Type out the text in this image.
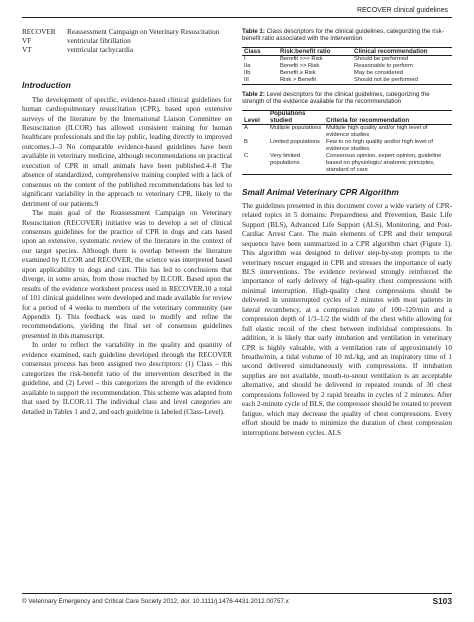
RECOVER clinical guidelines
RECOVER	Reassessment Campaign on Veterinary Resuscitation
VF	ventricular fibrillation
VT	ventricular tachycardia
Introduction

The development of specific, evidence-based clinical guidelines for human cardiopulmonary resuscitation (CPR), based upon extensive surveys of the literature by the International Liaison Committee on Resuscitation (ILCOR) has allowed consistent training for human healthcare professionals and the lay public, leading directly to improved outcomes.1–3 No comparable evidence-based guidelines have been available in veterinary medicine, although recommendations on practical execution of CPR in small animals have been published.4–8 The absence of standardized, comprehensive training coupled with a lack of consensus on the content of the published recommendations has led to significant variability in the approach to veterinary CPR, likely to the detriment of our patients.9

The main goal of the Reassessment Campaign on Veterinary Resuscitation (RECOVER) initiative was to develop a set of clinical consensus guidelines for the practice of CPR in dogs and cats based upon an extensive, systematic review of the literature in the context of our target species. Although there is overlap between the literature examined by ILCOR and RECOVER, the science was interpreted based upon applicability to dogs and cats. This has led to conclusions that diverge, in some areas, from those reached by ILCOR. Based upon the results of the evidence worksheet process used in RECOVER,10 a total of 101 clinical guidelines were developed and made available for review for a period of 4 weeks to members of the veterinary community (see Appendix I). This feedback was used to modify and refine the recommendations, yielding the final set of consensus guidelines presented in this manuscript.

In order to reflect the variability in the quality and quantity of evidence examined, each guideline developed through the RECOVER consensus process has been assigned two descriptors: (1) Class – this categorizes the risk-benefit ratio of the intervention described in the guideline, and (2) Level – this categorizes the strength of the evidence available to support the recommendation. This scheme was adapted from that used by ILCOR.11 The individual class and level categories are detailed in Tables 1 and 2, and each guideline is labeled (Class-Level).

Table 1: Class descriptors for the clinical guidelines, categorizing the risk-benefit ratio associated with the intervention

Class	Risk:benefit ratio	Clinical recommendation
I	Benefit >>> Risk	Should be performed
IIa	Benefit >> Risk	Reasonable to perform
IIb	Benefit ≥ Risk	May be considered
III	Risk > Benefit	Should not be performed

Table 2: Level descriptors for the clinical guidelines, categorizing the strength of the evidence available for the recommendation

Level	Populations studied	Criteria for recommendation
A	Multiple populations	Multiple high quality and/or high level of evidence studies
B	Limited populations	Few to no high quality and/or high level of evidence studies.
C	Very limited populations	Consensus opinion, expert opinion, guideline based on physiologic/ anatomic principles, standard of care
Small Animal Veterinary CPR Algorithm

The guidelines presented in this document cover a wide variety of CPR-related topics in 5 domains: Preparedness and Prevention, Basic Life Support (BLS), Advanced Life Support (ALS), Monitoring, and Post-Cardiac Arrest Care. The main elements of CPR and their temporal sequence have been summarized in a CPR algorithm chart (Figure 1). This algorithm was designed to deliver step-by-step prompts to the veterinary rescuer engaged in CPR and stresses the importance of early BLS interventions. The evidence reviewed strongly reinforced the importance of early delivery of high-quality chest compressions with minimal interruption. High-quality chest compressions should be delivered in uninterrupted cycles of 2 minutes with most patients in lateral recumbency, at a compression rate of 100–120/min and a compression depth of 1/3–1/2 the width of the chest while allowing for full elastic recoil of the chest between individual compressions. In addition, it is likely that early intubation and ventilation in veterinary CPR is highly valuable, with a ventilation rate of approximately 10 breaths/min, a tidal volume of 10 mL/kg, and an inspiratory time of 1 second delivered simultaneously with compressions. If intubation supplies are not available, mouth-to-snout ventilation is an acceptable alternative, and should be delivered in repeated rounds of 30 chest compressions followed by 2 rapid breaths in cycles of 2 minutes. After each 2-minute cycle of BLS, the compressor should be rotated to prevent fatigue, which may decrease the quality of chest compressions. Every effort should be made to minimize the duration of chest compression interruptions between cycles. ALS

© Veterinary Emergency and Critical Care Society 2012, doi: 10.1111/j.1476-4431.2012.00757.x	S103
